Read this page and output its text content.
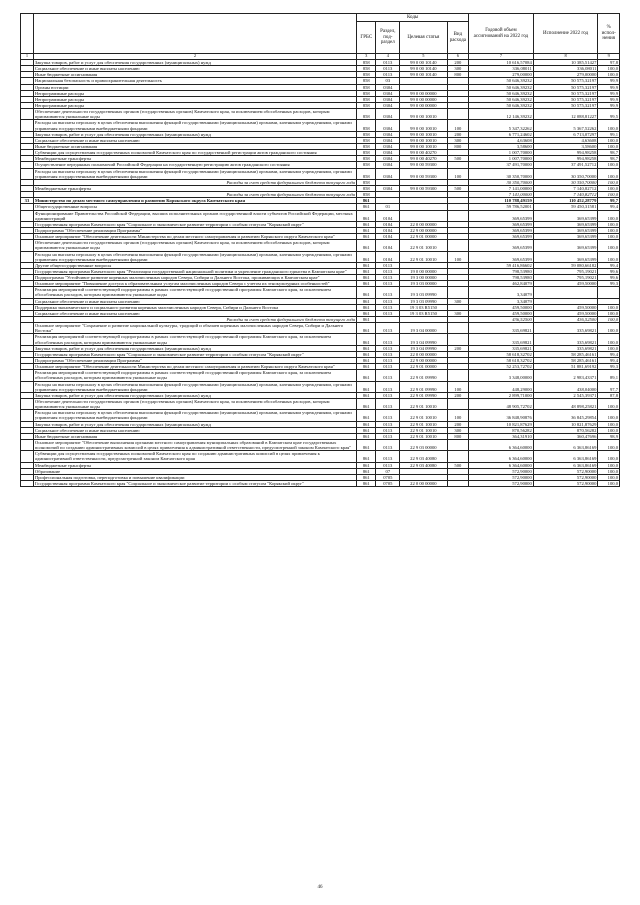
		Коды				Годовой объем ассигнований на 2022 год	Исполнение 2022 год	% испол-нения
		ГРБС	Раздел, под-раздел	Целевая статья	Вид расхода			
1	2	3	4	5	6	7	8	9
	Закупка товаров, работ и услуг для обеспечения государственных (муниципальных) нужд	858	0113	99 0 00 10140	200	10 616,57084	10 385,51427	97,8
	Социальное обеспечение и иные выплаты населению	858	0113	99 0 00 10140	300	336,08011	336,08011	100,0
	Иные бюджетные ассигнования	858	0113	99 0 00 10140	800	279,00000	279,00000	100,0
	Национальная безопасность и правоохранительная деятельность	858	03			50 646,39232	50 575,32197	99,9
	Органы юстиции	858	0304			50 646,39232	50 575,32197	99,9
	Непрограммные расходы	858	0304	99 0 00 00000		50 646,39232	50 575,32197	99,9
	Непрограммные расходы	858	0304	99 0 00 00000		50 646,39232	50 575,32197	99,9
	Непрограммные расходы	858	0304	99 0 00 00000		50 646,39232	50 575,32197	99,9
	Обеспечение деятельности государственных органов (государственных органов) Камчатского края, за исключением обособленных расходов, которым присваиваются уникальные коды	858	0304	99 0 00 10010		12 146,39232	12 088,81227	99,5
	Расходы на выплаты персоналу в целях обеспечения выполнения функций государственными (муниципальными) органами, казенными учреждениями, органами управления государственными внебюджетными фондами	858	0304	99 0 00 10010	100	5 347,32262	5 367,52262	100,0
	Закупка товаров, работ и услуг для обеспечения государственных (муниципальных) нужд	858	0304	99 0 00 10010	200	6 771,24602	6 713,07297	99,1
	Социальное обеспечение и иные выплаты населению	858	0304	99 0 00 10010	300	4,63608	4,63608	100,0
	Иные бюджетные ассигнования	858	0304	99 0 00 10010	800	3,58600	3,58600	100,0
	Субвенции для осуществления государственных полномочий Камчатского края по государственной регистрации актов гражданского состояния	858	0304	99 0 00 40270		1 007,70000	994,98258	98,7
	Межбюджетные трансферты	858	0304	99 0 00 40270	500	1 007,70000	994,98258	98,7
	Осуществление переданных полномочий Российской Федерации на государственную регистрацию актов гражданского состояния	858	0304	99 0 00 59300		37 491,70000	37 491,52712	100,0
	Расходы на выплаты персоналу в целях обеспечения выполнения функций государственными (муниципальными) органами, казенными учреждениями, органами управления государственными внебюджетными фондами	858	0304	99 0 00 59300	100	30 350,70000	30 350,70000	100,0
	Расходы за счет средств федерального бюджета текущего года	858				30 350,70000	30 350,70000	100,0
	Межбюджетные трансферты	858	0304	99 0 00 59300	500	7 141,00000	7 140,82712	100,0
	Расходы за счет средств федерального бюджета текущего года	858				7 141,00000	7 140,82712	100,0
33	Министерство по делам местного самоуправления и развитию Корякского округа Камчатского края	861				110 788,49159	110 452,28779	99,7
	Общегосударственные вопросы	861	01			59 786,52001	59 450,31581	99,4
	Функционирование Правительства Российской Федерации, высших исполнительных органов государственной власти субъектов Российской Федерации, местных администраций	861	0104			369,65399	369,65399	100,0
	Государственная программа Камчатского края "Социальное и экономическое развитие территории с особым статусом "Корякский округ"	861	0104	22 0 00 00000		369,65399	369,65399	100,0
	Подпрограмма "Обеспечение реализации Программы"	861	0104	22 9 00 00000		369,65399	369,65399	100,0
	Основное мероприятие "Обеспечение деятельности Министерства по делам местного самоуправления и развитию Корякского округа Камчатского края"	861	0104	22 9 01 00000		369,65399	369,65399	100,0
	Обеспечение деятельности государственных органов (государственных органов) Камчатского края, за исключением обособленных расходов, которым присваиваются уникальные коды	861	0104	22 9 01 10010		369,65399	369,65399	100,0
	Расходы на выплаты персоналу в целях обеспечения выполнения функций государственными (муниципальными) органами, казенными учреждениями, органами управления государственными внебюджетными фондами	861	0104	22 9 01 10010	100	369,65399	369,65399	100,0
	Другие общегосударственные вопросы	861	0113			59 416,86602	59 080,66182	99,4
	Государственная программа Камчатского края "Реализация государственной национальной политики и укрепление гражданского единства в Камчатском крае"	861	0113	19 0 00 00000		798,53980	795,19021	99,6
	Подпрограмма "Устойчивое развитие коренных малочисленных народов Севера, Сибири и Дальнего Востока, проживающих в Камчатском крае"	861	0113	19 3 00 00000		798,53980	795,19021	99,6
	Основное мероприятие "Повышение доступа к образовательным услугам малочисленных народов Севера с учетом их этнокультурных особенностей"	861	0113	19 3 03 00000		462,84079	459,50000	99,3
	Реализация мероприятий соответствующей подпрограммы в рамках соответствующей государственной программы Камчатского края, за исключением обособленных расходов, которым присваиваются уникальные коды	861	0113	19 3 03 09990		3,34079		
	Социальное обеспечение и иные выплаты населению	861	0113	19 3 03 09990	300	3,34079		
	Поддержка экономического и социального развития коренных малочисленных народов Севера, Сибири и Дальнего Востока	861	0113	19 3 03 R5150		459,50000	459,50000	100,0
	Социальное обеспечение и иные выплаты населению	861	0113	19 3 03 R5150	300	459,50000	459,50000	100,0
	Расходы за счет средств федерального бюджета текущего года	861				436,52500	436,52500	100,0
	Основное мероприятие "Сохранение и развитие национальной культуры, традиций и обычаев коренных малочисленных народов Севера, Сибири и Дальнего Востока"	861	0113	19 3 04 00000		335,69821	335,69821	100,0
	Реализация мероприятий соответствующей подпрограммы в рамках соответствующей государственной программы Камчатского края, за исключением обособленных расходов, которым присваиваются уникальные коды	861	0113	19 3 04 09990		335,69821	335,69821	100,0
	Закупка товаров, работ и услуг для обеспечения государственных (муниципальных) нужд	861	0113	19 3 04 09990	200	335,69821	335,69821	100,0
	Государственная программа Камчатского края "Социальное и экономическое развитие территории с особым статусом "Корякский округ"	861	0113	22 0 00 00000		58 618,32702	58 285,46161	99,4
	Подпрограмма "Обеспечение реализации Программы"	861	0113	22 9 00 00000		58 618,32702	58 285,46161	99,4
	Основное мероприятие "Обеспечение деятельности Министерства по делам местного самоуправления и развитию Корякского округа Камчатского края"	861	0113	22 9 01 00000		52 253,72702	51 881,69192	99,3
	Реализация мероприятий соответствующей подпрограммы в рамках соответствующей государственной программы Камчатского края, за исключением обособленных расходов, которым присваиваются уникальные коды	861	0113	22 9 01 09990		3 348,00000	2 983,43371	89,1
	Расходы на выплаты персоналу в целях обеспечения выполнения функций государственными (муниципальными) органами, казенными учреждениями, органами управления государственными внебюджетными фондами	861	0113	22 9 01 09990	100	448,29000	438,04000	97,7
	Закупка товаров, работ и услуг для обеспечения государственных (муниципальных) нужд	861	0113	22 9 01 09990	200	2 899,71000	2 545,39371	87,8
	Обеспечение деятельности государственных органов (государственных органов) Камчатского края, за исключением обособленных расходов, которым присваиваются уникальные коды	861	0113	22 9 01 10010		48 905,72702	48 898,25821	100,0
	Расходы на выплаты персоналу в целях обеспечения выполнения функций государственными (муниципальными) органами, казенными учреждениями, органами управления государственными внебюджетными фондами	861	0113	22 9 01 10010	100	36 848,90876	36 845,29854	100,0
	Закупка товаров, работ и услуг для обеспечения государственных (муниципальных) нужд	861	0113	22 9 01 10010	200	10 821,87629	10 821,87629	100,0
	Социальное обеспечение и иные выплаты населению	861	0113	22 9 01 10010	300	870,56282	870,56282	100,0
	Иные бюджетные ассигнования	861	0113	22 9 01 10010	800	364,31910	360,47696	98,9
	Основное мероприятие "Обеспечение выполнения органами местного самоуправления муниципальных образований в Камчатском крае государственных полномочий по созданию административных комиссий в целях привлечения к административной ответственности, предусмотренной законом Камчатского края"	861	0113	22 9 03 00000		6 364,60000	6 363,86169	100,0
	Субвенции для осуществления государственных полномочий Камчатского края по созданию административных комиссий в целях привлечения к административной ответственности, предусмотренной законом Камчатского края	861	0113	22 9 03 40080		6 364,60000	6 363,86169	100,0
	Межбюджетные трансферты	861	0113	22 9 03 40080	500	6 364,60000	6 363,86169	100,0
	Образование	861	07			572,90000	572,90000	100,0
	Профессиональная подготовка, переподготовка и повышение квалификации	861	0705			572,90000	572,90000	100,0
	Государственная программа Камчатского края "Социальное и экономическое развитие территории с особым статусом "Корякский округ"	861	0705	22 0 00 00000		572,90000	572,90000	100,0
46
